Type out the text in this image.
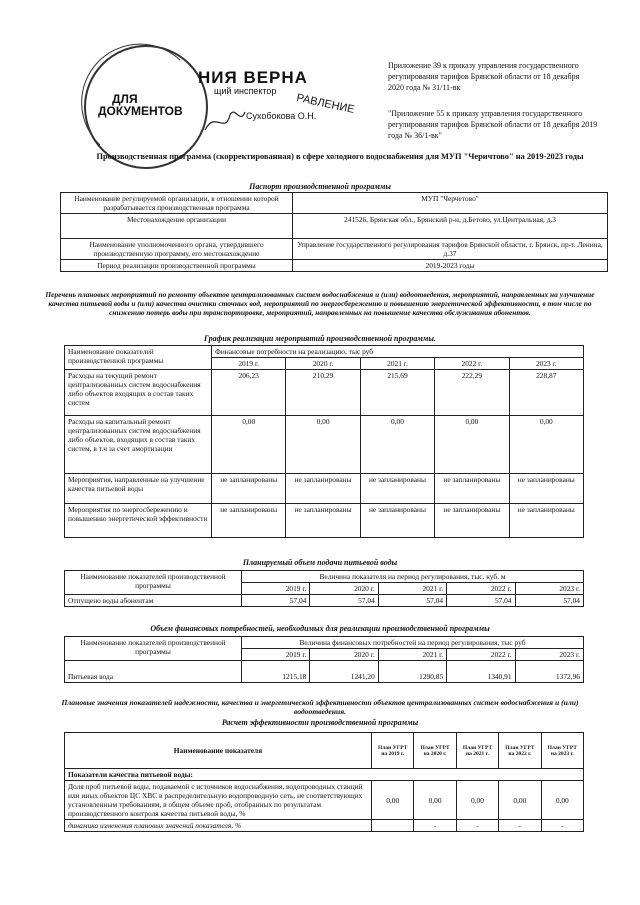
НИЯ ВЕРНА
щий инспектор
ДЛЯ
ДОКУМЕНТОВ	Сухобокова О.Н.
РАВЛЕНИЕ
Приложение 39 к приказу управления государственного регулирования тарифов Брянской области от 18 декабря 2020 года № 31/11-вк
"Приложение 55 к приказу управления государственного регулирования тарифов Брянской области от 18 декабря 2019 года № 36/1-вк"
Производственная программа (скорректированная) в сфере холодного водоснабжения для МУП "Черичтово" на 2019-2023 годы
Паспорт производственной программы
Наименование регулируемой организации, в отношении которой разрабатывается производственная программа	МУП "Черчетово"
Местонахождение организации	241526, Брянская обл., Брянский р-н, д.Бетово, ул.Центральная, д.3
Наименование уполномоченного органа, утвердившего производственную программу, его местонахождение	Управление государственного регулирования тарифов Брянской области, г. Брянск, пр-т. Ленина, д.37
Период реализации производственной программы	2019-2023 годы
Перечень плановых мероприятий по ремонту объектов централизованных систем водоснабжения и (или) водоотведения, мероприятий, направленных на улучшение качества питьевой воды и (или) качества очистки сточных вод, мероприятий по энергосбережению и повышению энергетической эффективности, в том числе по снижению потерь воды при транспортировке, мероприятий, направленных на повышение качества обслуживания абонентов.
График реализации мероприятий производственной программы.
Наименование показателей производственной программы	Финансовые потребности на реализацию, тыс руб				
	2019 г.	2020 г.	2021 г.	2022 г.	2023 г.
Расходы на текущий ремонт централизованных систем водоснабжения либо объектов входящих в состав таких систем	206,23	210,29	215,69	222,29	228,87
Расходы на капитальный ремонт централизованных систем водоснабжения либо объектов, входящих в состав таких систем, в т.ч за счет амортизации	0,00	0,00	0,00	0,00	0,00
Мероприятия, направленные на улучшение качества питьевой воды	не запланированы	не запланированы	не запланированы	не запланированы	не запланированы
Мероприятия по энергосбережению и повышению энергетической эффективности	не запланированы	не запланированы	не запланированы	не запланированы	не запланированы
Планируемый объем подачи питьевой воды
Наименование показателей производственной программы	Величина показателя на период регулирования, тыс. куб. м				
	2019 г.	2020 г.	2021 г.	2022 г.	2023 г.
Отпущено воды абонентам	57,04	57,04	57,04	57,04	57,04
Объем финансовых потребностей, необходимых для реализации производственной программы
Наименование показателей производственной программы	Величина финансовых потребностей на период регулирования, тыс руб				
	2019 г.	2020 г.	2021 г.	2022 г.	2023 г.
Питьевая вода	1215,18	1241,20	1290,85	1340,91	1372,96
Плановые значения показателей надежности, качества и энергетической эффективности объектов централизованных систем водоснабжения и (или) водоотведения.
Расчет эффективности производственной программы
Наименование показателя	План УГРТ на 2019 г.	План УГРТ на 2020 г.	План УГРТ на 2021 г.	План УГРТ на 2022 г.	План УГРТ на 2023 г.
Показатели качества питьевой воды:					
Доля проб питьевой воды, подаваемой с источников водоснабжения, водопроводных станций или иных объектов ЦС ХВС в распределительную водопроводную сеть, не соответствующих установленным требованиям, в общем объеме проб, отобранных по результатам производственного контроля качества питьевой воды, %	0,00	0,00	0,00	0,00	0,00
динамика изменения плановых значений показателя, %		-	-	-	-
